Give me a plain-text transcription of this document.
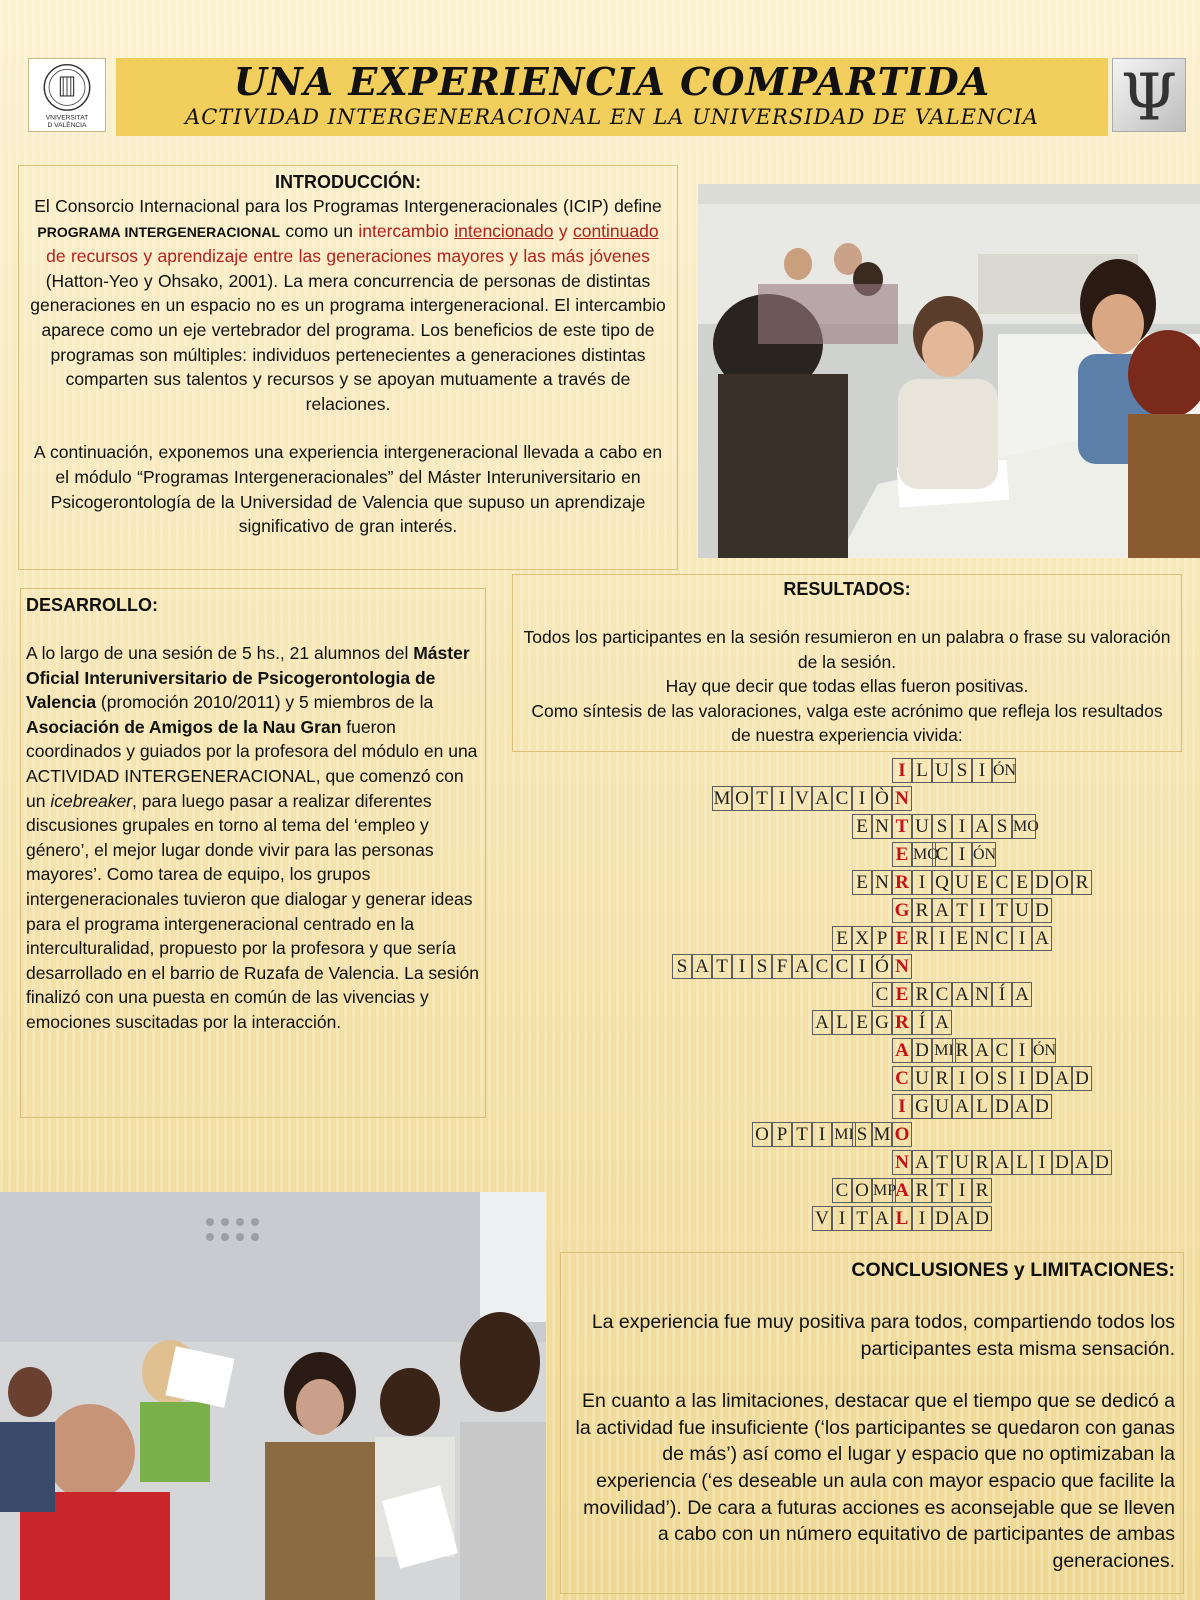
VNIVERSITAT
D VALÈNCIA
UNA EXPERIENCIA COMPARTIDA
ACTIVIDAD INTERGENERACIONAL EN LA UNIVERSIDAD DE VALENCIA	Ψ
INTRODUCCIÓN:
El Consorcio Internacional para los Programas Intergeneracionales (ICIP) define PROGRAMA INTERGENERACIONAL como un intercambio intencionado y continuado de recursos y aprendizaje entre las generaciones mayores y las más jóvenes (Hatton-Yeo y Ohsako, 2001). La mera concurrencia de personas de distintas generaciones en un espacio no es un programa intergeneracional. El intercambio aparece como un eje vertebrador del programa. Los beneficios de este tipo de programas son múltiples: individuos pertenecientes a generaciones distintas comparten sus talentos y recursos y se apoyan mutuamente a través de relaciones.
A continuación, exponemos una experiencia intergeneracional llevada a cabo en el módulo “Programas Intergeneracionales” del Máster Interuniversitario en Psicogerontología de la Universidad de Valencia que supuso un aprendizaje significativo de gran interés.
DESARROLLO:
A lo largo de una sesión de 5 hs., 21 alumnos del Máster Oficial Interuniversitario de Psicogerontologia de Valencia (promoción 2010/2011) y 5 miembros de la Asociación de Amigos de la Nau Gran fueron coordinados y guiados por la profesora del módulo en una ACTIVIDAD INTERGENERACIONAL, que comenzó con un icebreaker, para luego pasar a realizar diferentes discusiones grupales en torno al tema del ‘empleo y género’, el mejor lugar donde vivir para las personas mayores’. Como tarea de equipo, los grupos intergeneracionales tuvieron que dialogar y generar ideas para el programa intergeneracional centrado en la interculturalidad, propuesto por la profesora y que sería desarrollado en el barrio de Ruzafa de Valencia. La sesión finalizó con una puesta en común de las vivencias y emociones suscitadas por la interacción.
RESULTADOS:
Todos los participantes en la sesión resumieron en un palabra o frase su valoración de la sesión.
Hay que decir que todas ellas fueron positivas.
Como síntesis de las valoraciones, valga este acrónimo que refleja los resultados de nuestra experiencia vivida:
I L U S I ÓN
M O T I V A C I Ò N
E N T U S I A S MO
E MO
C I ÓN
E N R I Q U E C E D O R
G R A T I T U D
E X P E R I E N C I A
S A T I S F A C C I Ó N
C E R C A N Í A
A L E G R Í A
A D MI R A C I ÓN
C U R I O S I D A D
I G U A L D A D
O P T I MI S M O
N A T U R A L I D A D
C O MP A R T I R
V I T A L I D A D
CONCLUSIONES y LIMITACIONES:
La experiencia fue muy positiva para todos, compartiendo todos los participantes esta misma sensación.
En cuanto a las limitaciones, destacar que el tiempo que se dedicó a la actividad fue insuficiente (‘los participantes se quedaron con ganas de más’) así como el lugar y espacio que no optimizaban la experiencia (‘es deseable un aula con mayor espacio que facilite la movilidad’). De cara a futuras acciones es aconsejable que se lleven a cabo con un número equitativo de participantes de ambas generaciones.
